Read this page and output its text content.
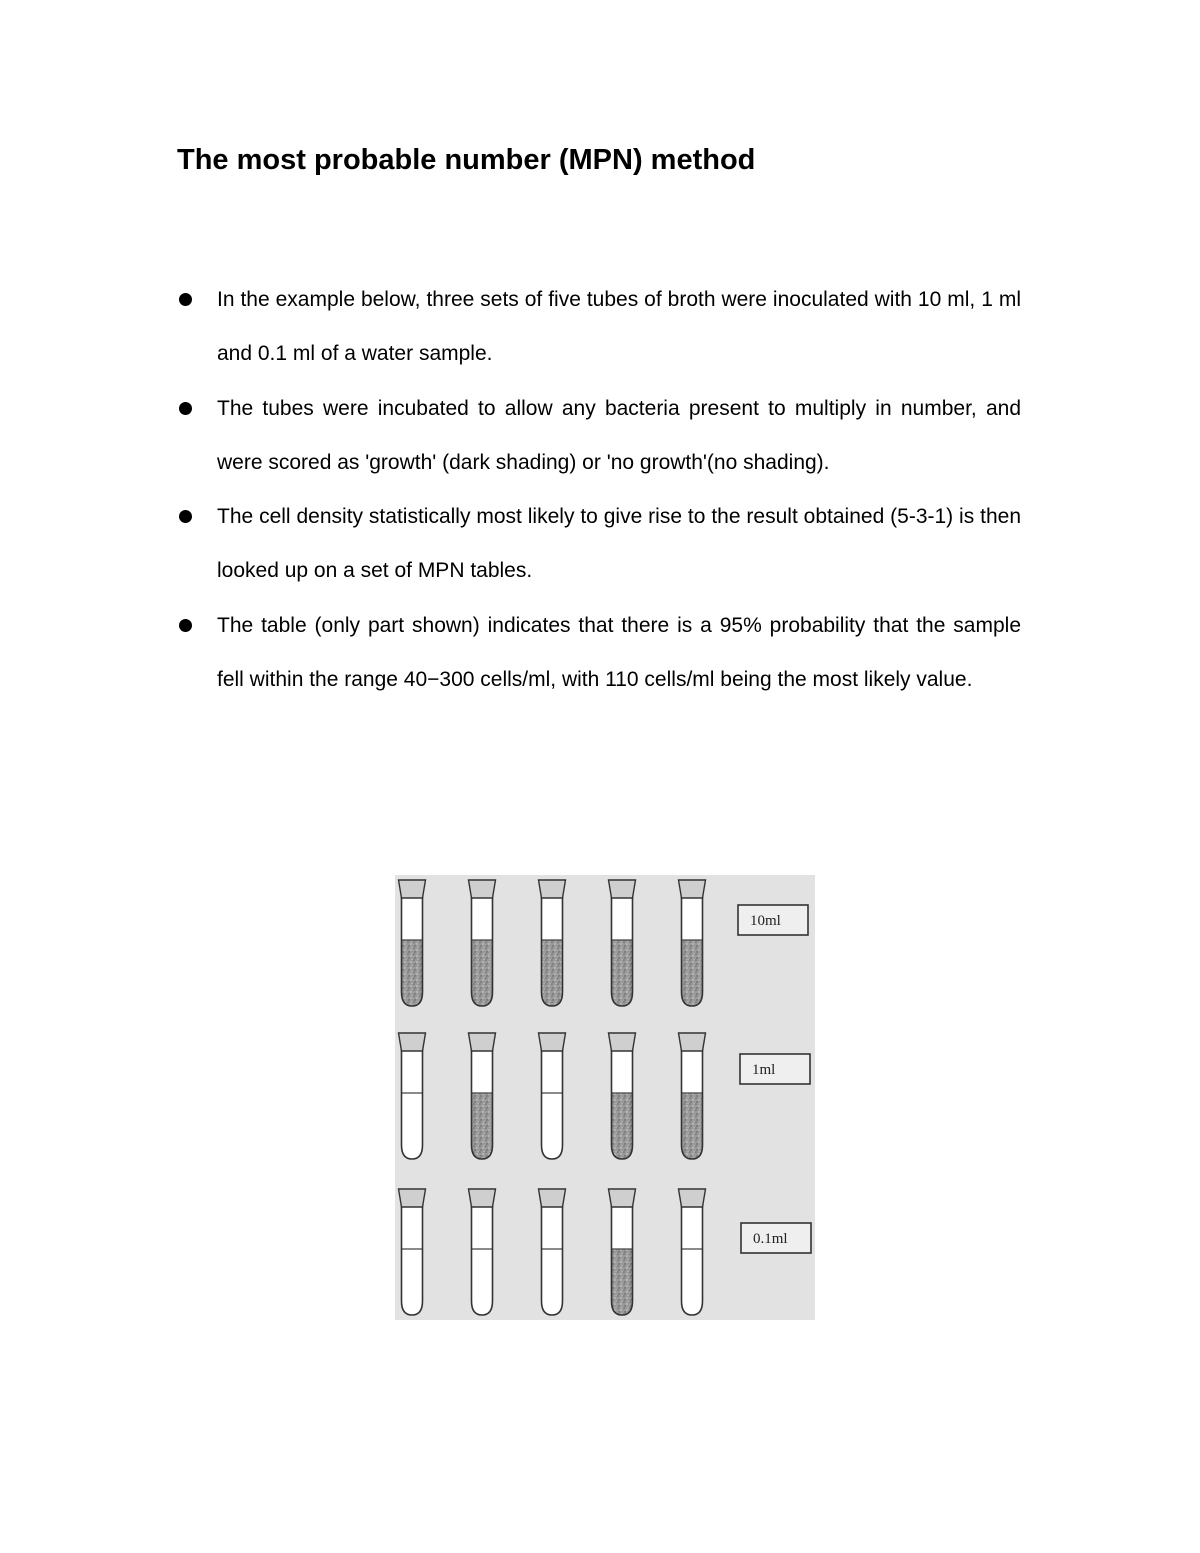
The most probable number (MPN) method
In the example below, three sets of five tubes of broth were inoculated with 10 ml, 1 ml and 0.1 ml of a water sample.
The tubes were incubated to allow any bacteria present to multiply in number, and were scored as 'growth' (dark shading) or 'no growth'(no shading).
The cell density statistically most likely to give rise to the result obtained (5-3-1) is then looked up on a set of MPN tables.
The table (only part shown) indicates that there is a 95% probability that the sample fell within the range 40−300 cells/ml, with 110 cells/ml being the most likely value.
10ml
1ml
0.1ml
